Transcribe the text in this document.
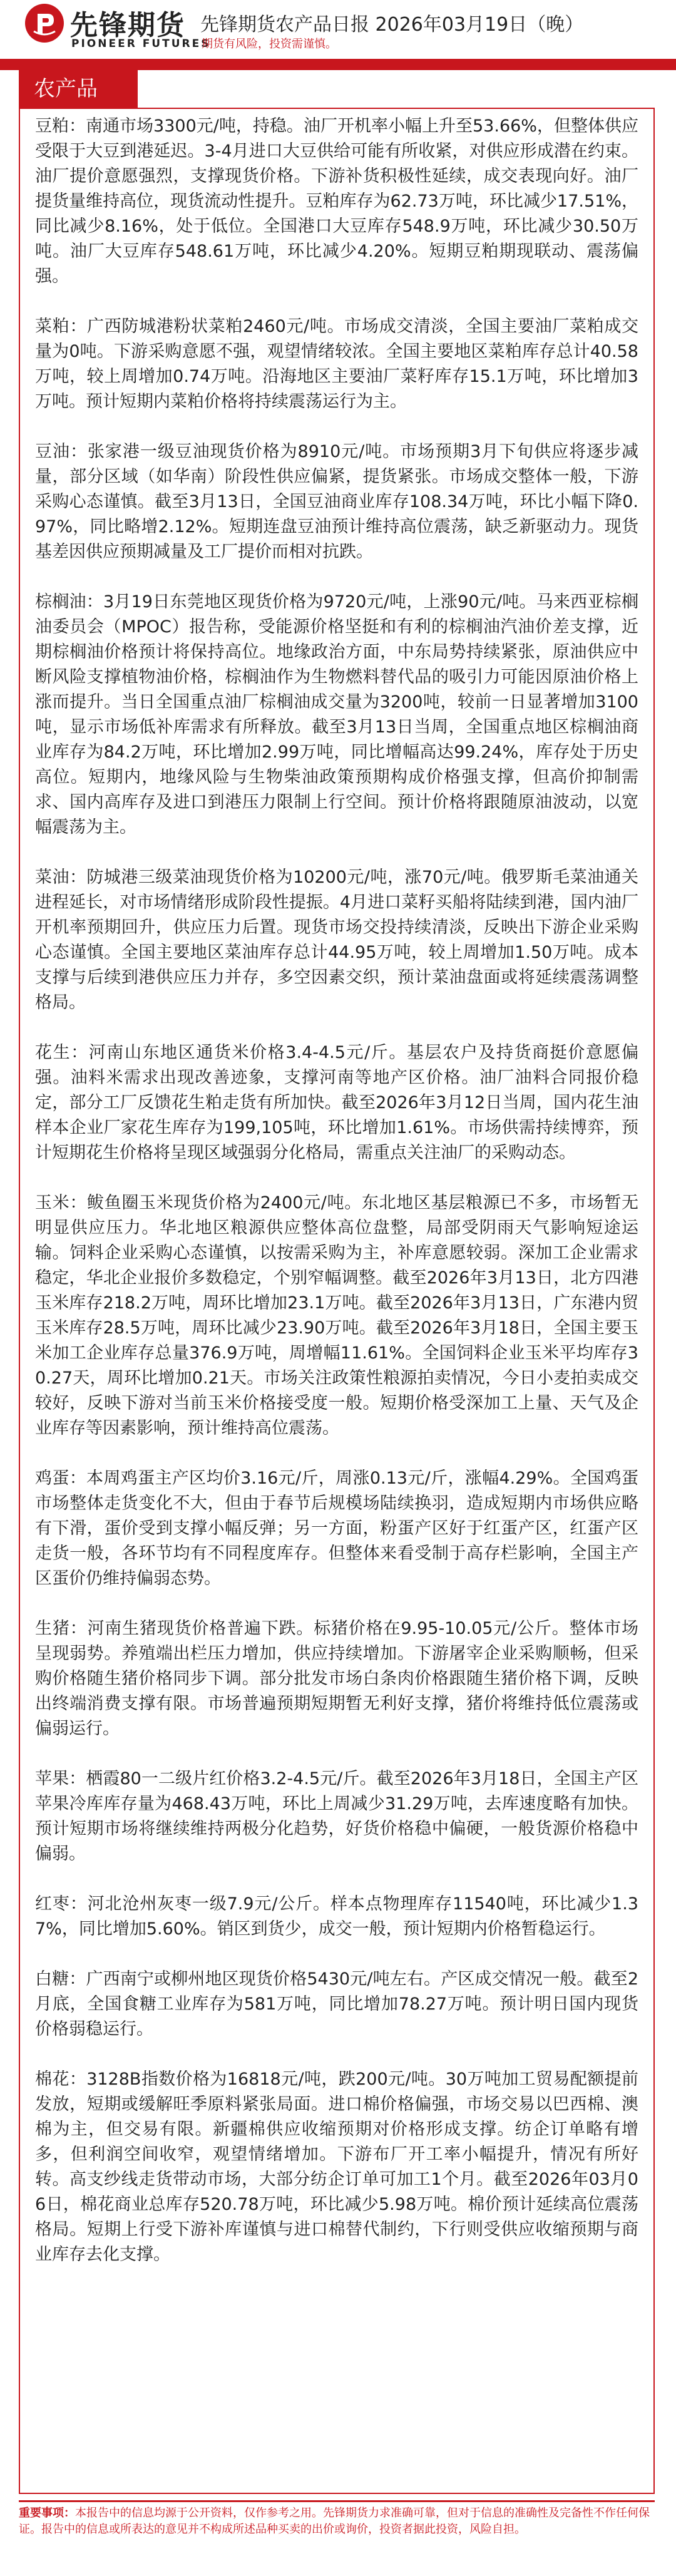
先锋期货
PIONEER FUTURES
先锋期货农产品日报 2026年03月19日（晚）
期货有风险，投资需谨慎。
农产品

豆粕：南通市场3300元/吨，持稳。油厂开机率小幅上升至53.66%，但整体供应受限于大豆到港延迟。3-4月进口大豆供给可能有所收紧，对供应形成潜在约束。油厂提价意愿强烈，支撑现货价格。下游补货积极性延续，成交表现向好。油厂提货量维持高位，现货流动性提升。豆粕库存为62.73万吨，环比减少17.51%，同比减少8.16%，处于低位。全国港口大豆库存548.9万吨，环比减少30.50万吨。油厂大豆库存548.61万吨，环比减少4.20%。短期豆粕期现联动、震荡偏强。

菜粕：广西防城港粉状菜粕2460元/吨。市场成交清淡，全国主要油厂菜粕成交量为0吨。下游采购意愿不强，观望情绪较浓。全国主要地区菜粕库存总计40.58万吨，较上周增加0.74万吨。沿海地区主要油厂菜籽库存15.1万吨，环比增加3万吨。预计短期内菜粕价格将持续震荡运行为主。

豆油：张家港一级豆油现货价格为8910元/吨。市场预期3月下旬供应将逐步减量，部分区域（如华南）阶段性供应偏紧，提货紧张。市场成交整体一般，下游采购心态谨慎。截至3月13日，全国豆油商业库存108.34万吨，环比小幅下降0.97%，同比略增2.12%。短期连盘豆油预计维持高位震荡，缺乏新驱动力。现货基差因供应预期减量及工厂提价而相对抗跌。

棕榈油：3月19日东莞地区现货价格为9720元/吨，上涨90元/吨。马来西亚棕榈油委员会（MPOC）报告称，受能源价格坚挺和有利的棕榈油汽油价差支撑，近期棕榈油价格预计将保持高位。地缘政治方面，中东局势持续紧张，原油供应中断风险支撑植物油价格，棕榈油作为生物燃料替代品的吸引力可能因原油价格上涨而提升。当日全国重点油厂棕榈油成交量为3200吨，较前一日显著增加3100吨，显示市场低补库需求有所释放。截至3月13日当周，全国重点地区棕榈油商业库存为84.2万吨，环比增加2.99万吨，同比增幅高达99.24%，库存处于历史高位。短期内，地缘风险与生物柴油政策预期构成价格强支撑，但高价抑制需求、国内高库存及进口到港压力限制上行空间。预计价格将跟随原油波动，以宽幅震荡为主。

菜油：防城港三级菜油现货价格为10200元/吨，涨70元/吨。俄罗斯毛菜油通关进程延长，对市场情绪形成阶段性提振。4月进口菜籽买船将陆续到港，国内油厂开机率预期回升，供应压力后置。现货市场交投持续清淡，反映出下游企业采购心态谨慎。全国主要地区菜油库存总计44.95万吨，较上周增加1.50万吨。成本支撑与后续到港供应压力并存，多空因素交织，预计菜油盘面或将延续震荡调整格局。

花生：河南山东地区通货米价格3.4-4.5元/斤。基层农户及持货商挺价意愿偏强。油料米需求出现改善迹象，支撑河南等地产区价格。油厂油料合同报价稳定，部分工厂反馈花生粕走货有所加快。截至2026年3月12日当周，国内花生油样本企业厂家花生库存为199,105吨，环比增加1.61%。市场供需持续博弈，预计短期花生价格将呈现区域强弱分化格局，需重点关注油厂的采购动态。

玉米：鲅鱼圈玉米现货价格为2400元/吨。东北地区基层粮源已不多，市场暂无明显供应压力。华北地区粮源供应整体高位盘整，局部受阴雨天气影响短途运输。饲料企业采购心态谨慎，以按需采购为主，补库意愿较弱。深加工企业需求稳定，华北企业报价多数稳定，个别窄幅调整。截至2026年3月13日，北方四港玉米库存218.2万吨，周环比增加23.1万吨。截至2026年3月13日，广东港内贸玉米库存28.5万吨，周环比减少23.90万吨。截至2026年3月18日，全国主要玉米加工企业库存总量376.9万吨，周增幅11.61%。全国饲料企业玉米平均库存30.27天，周环比增加0.21天。市场关注政策性粮源拍卖情况，今日小麦拍卖成交较好，反映下游对当前玉米价格接受度一般。短期价格受深加工上量、天气及企业库存等因素影响，预计维持高位震荡。

鸡蛋：本周鸡蛋主产区均价3.16元/斤，周涨0.13元/斤，涨幅4.29%。全国鸡蛋市场整体走货变化不大，但由于春节后规模场陆续换羽，造成短期内市场供应略有下滑，蛋价受到支撑小幅反弹；另一方面，粉蛋产区好于红蛋产区，红蛋产区走货一般，各环节均有不同程度库存。但整体来看受制于高存栏影响，全国主产区蛋价仍维持偏弱态势。

生猪：河南生猪现货价格普遍下跌。标猪价格在9.95-10.05元/公斤。整体市场呈现弱势。养殖端出栏压力增加，供应持续增加。下游屠宰企业采购顺畅，但采购价格随生猪价格同步下调。部分批发市场白条肉价格跟随生猪价格下调，反映出终端消费支撑有限。市场普遍预期短期暂无利好支撑，猪价将维持低位震荡或偏弱运行。

苹果：栖霞80一二级片红价格3.2-4.5元/斤。截至2026年3月18日，全国主产区苹果冷库库存量为468.43万吨，环比上周减少31.29万吨，去库速度略有加快。预计短期市场将继续维持两极分化趋势，好货价格稳中偏硬，一般货源价格稳中偏弱。

红枣：河北沧州灰枣一级7.9元/公斤。样本点物理库存11540吨，环比减少1.37%，同比增加5.60%。销区到货少，成交一般，预计短期内价格暂稳运行。

白糖：广西南宁或柳州地区现货价格5430元/吨左右。产区成交情况一般。截至2月底，全国食糖工业库存为581万吨，同比增加78.27万吨。预计明日国内现货价格弱稳运行。

棉花：3128B指数价格为16818元/吨，跌200元/吨。30万吨加工贸易配额提前发放，短期或缓解旺季原料紧张局面。进口棉价格偏强，市场交易以巴西棉、澳棉为主，但交易有限。新疆棉供应收缩预期对价格形成支撑。纺企订单略有增多，但利润空间收窄，观望情绪增加。下游布厂开工率小幅提升，情况有所好转。高支纱线走货带动市场，大部分纺企订单可加工1个月。截至2026年03月06日，棉花商业总库存520.78万吨，环比减少5.98万吨。棉价预计延续高位震荡格局。短期上行受下游补库谨慎与进口棉替代制约，下行则受供应收缩预期与商业库存去化支撑。

重要事项：本报告中的信息均源于公开资料，仅作参考之用。先锋期货力求准确可靠，但对于信息的准确性及完备性不作任何保证。报告中的信息或所表达的意见并不构成所述品种买卖的出价或询价，投资者据此投资，风险自担。
